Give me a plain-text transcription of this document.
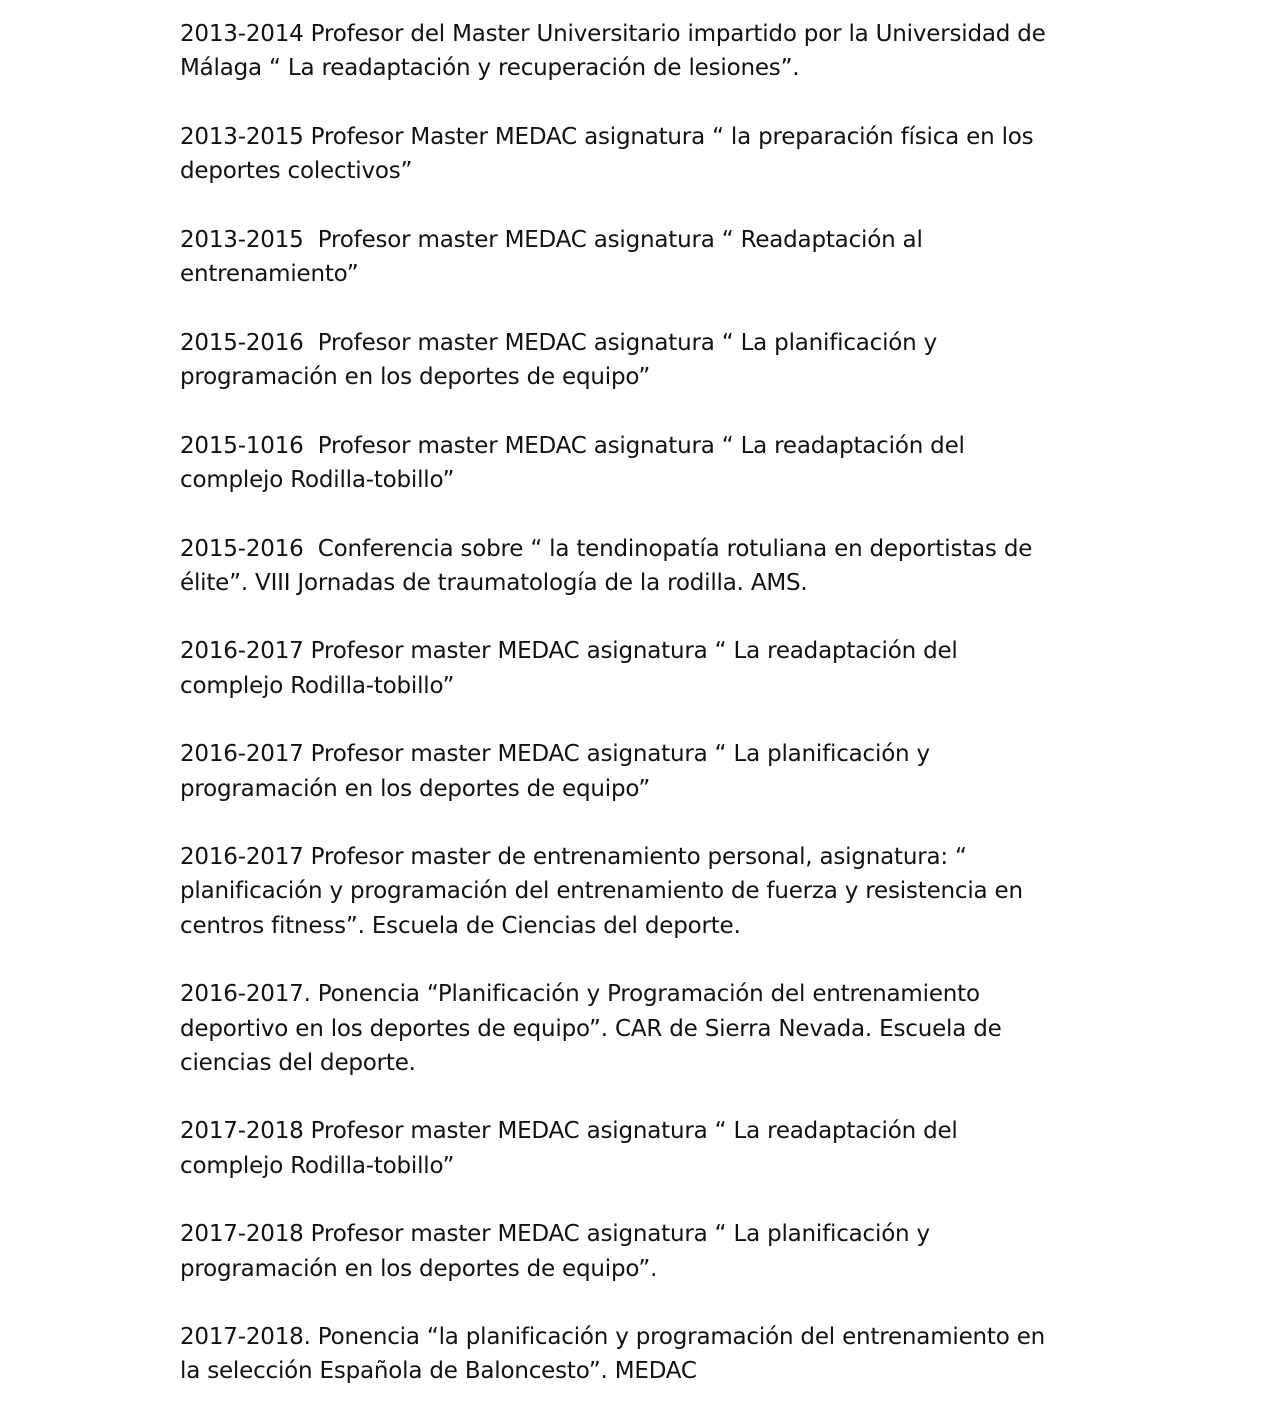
2013-2014 Profesor del Master Universitario impartido por la Universidad de
Málaga “ La readaptación y recuperación de lesiones”.

2013-2015 Profesor Master MEDAC asignatura “ la preparación física en los
deportes colectivos”

2013-2015  Profesor master MEDAC asignatura “ Readaptación al
entrenamiento”

2015-2016  Profesor master MEDAC asignatura “ La planificación y
programación en los deportes de equipo”

2015-1016  Profesor master MEDAC asignatura “ La readaptación del
complejo Rodilla-tobillo”

2015-2016  Conferencia sobre “ la tendinopatía rotuliana en deportistas de
élite”. VIII Jornadas de traumatología de la rodilla. AMS.

2016-2017 Profesor master MEDAC asignatura “ La readaptación del
complejo Rodilla-tobillo”

2016-2017 Profesor master MEDAC asignatura “ La planificación y
programación en los deportes de equipo”

2016-2017 Profesor master de entrenamiento personal, asignatura: “
planificación y programación del entrenamiento de fuerza y resistencia en
centros fitness”. Escuela de Ciencias del deporte.

2016-2017. Ponencia “Planificación y Programación del entrenamiento
deportivo en los deportes de equipo”. CAR de Sierra Nevada. Escuela de
ciencias del deporte.

2017-2018 Profesor master MEDAC asignatura “ La readaptación del
complejo Rodilla-tobillo”

2017-2018 Profesor master MEDAC asignatura “ La planificación y
programación en los deportes de equipo”.

2017-2018. Ponencia “la planificación y programación del entrenamiento en
la selección Española de Baloncesto”. MEDAC
